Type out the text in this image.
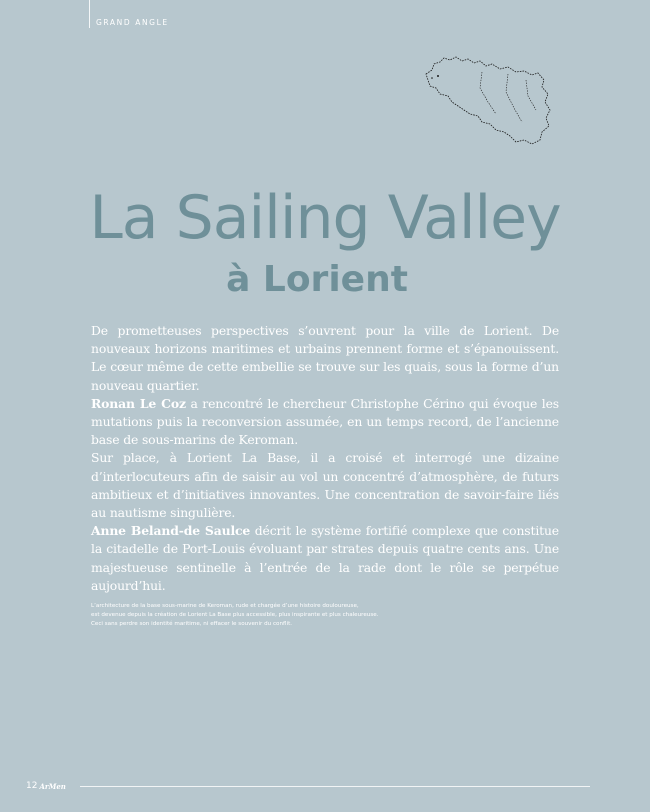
GRAND ANGLE
La Sailing Valley
à Lorient

De prometteuses perspectives s’ouvrent pour la ville de Lorient. De nouveaux horizons maritimes et urbains prennent forme et s’épanouissent. Le cœur même de cette embellie se trouve sur les quais, sous la forme d’un nouveau quartier.

Ronan Le Coz a rencontré le chercheur Christophe Cérino qui évoque les mutations puis la reconversion assumée, en un temps record, de l’ancienne base de sous-marins de Keroman.

Sur place, à Lorient La Base, il a croisé et interrogé une dizaine d’interlocuteurs afin de saisir au vol un concentré d’atmosphère, de futurs ambitieux et d’initiatives innovantes. Une concentration de savoir-faire liés au nautisme singulière.

Anne Beland-de Saulce décrit le système fortifié complexe que constitue la citadelle de Port-Louis évoluant par strates depuis quatre cents ans. Une majestueuse sentinelle à l’entrée de la rade dont le rôle se perpétue aujourd’hui.

L’architecture de la base sous-marine de Keroman, rude et chargée d’une histoire douloureuse,

est devenue depuis la création de Lorient La Base plus accessible, plus inspirante et plus chaleureuse.

Ceci sans perdre son identité maritime, ni effacer le souvenir du conflit.

12 ArMen
